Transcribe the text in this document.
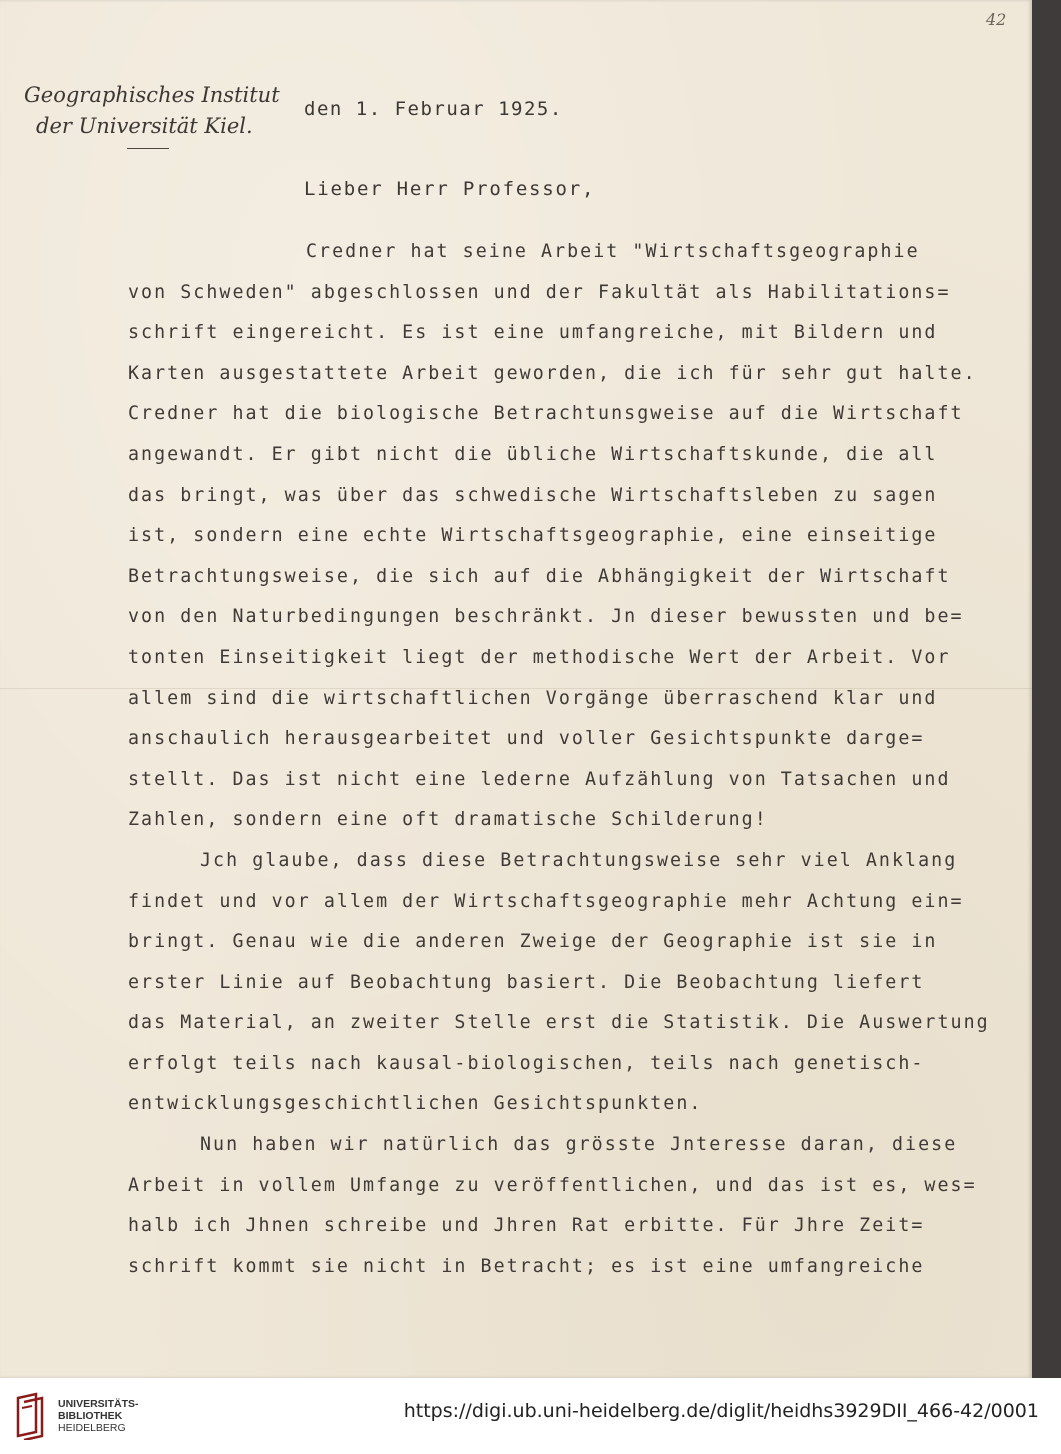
42
Geographisches Institut
der Universität Kiel.
den 1. Februar 1925.
Lieber Herr Professor,
Credner hat seine Arbeit "Wirtschaftsgeographie
von Schweden" abgeschlossen und der Fakultät als Habilitations=
schrift eingereicht. Es ist eine umfangreiche, mit Bildern und
Karten ausgestattete Arbeit geworden, die ich für sehr gut halte.
Credner hat die biologische Betrachtunsgweise auf die Wirtschaft
angewandt. Er gibt nicht die übliche Wirtschaftskunde, die all
das bringt, was über das schwedische Wirtschaftsleben zu sagen
ist, sondern eine echte Wirtschaftsgeographie, eine einseitige
Betrachtungsweise, die sich auf die Abhängigkeit der Wirtschaft
von den Naturbedingungen beschränkt. Jn dieser bewussten und be=
tonten Einseitigkeit liegt der methodische Wert der Arbeit. Vor
allem sind die wirtschaftlichen Vorgänge überraschend klar und
anschaulich herausgearbeitet und voller Gesichtspunkte darge=
stellt. Das ist nicht eine lederne Aufzählung von Tatsachen und
Zahlen, sondern eine oft dramatische Schilderung!
Jch glaube, dass diese Betrachtungsweise sehr viel Anklang
findet und vor allem der Wirtschaftsgeographie mehr Achtung ein=
bringt. Genau wie die anderen Zweige der Geographie ist sie in
erster Linie auf Beobachtung basiert. Die Beobachtung liefert
das Material, an zweiter Stelle erst die Statistik. Die Auswertung
erfolgt teils nach kausal-biologischen, teils nach genetisch-
entwicklungsgeschichtlichen Gesichtspunkten.
Nun haben wir natürlich das grösste Jnteresse daran, diese
Arbeit in vollem Umfange zu veröffentlichen, und das ist es, wes=
halb ich Jhnen schreibe und Jhren Rat erbitte. Für Jhre Zeit=
schrift kommt sie nicht in Betracht; es ist eine umfangreiche
UNIVERSITÄTS-
BIBLIOTHEK
HEIDELBERG
https://digi.ub.uni-heidelberg.de/diglit/heidhs3929DII_466-42/0001
